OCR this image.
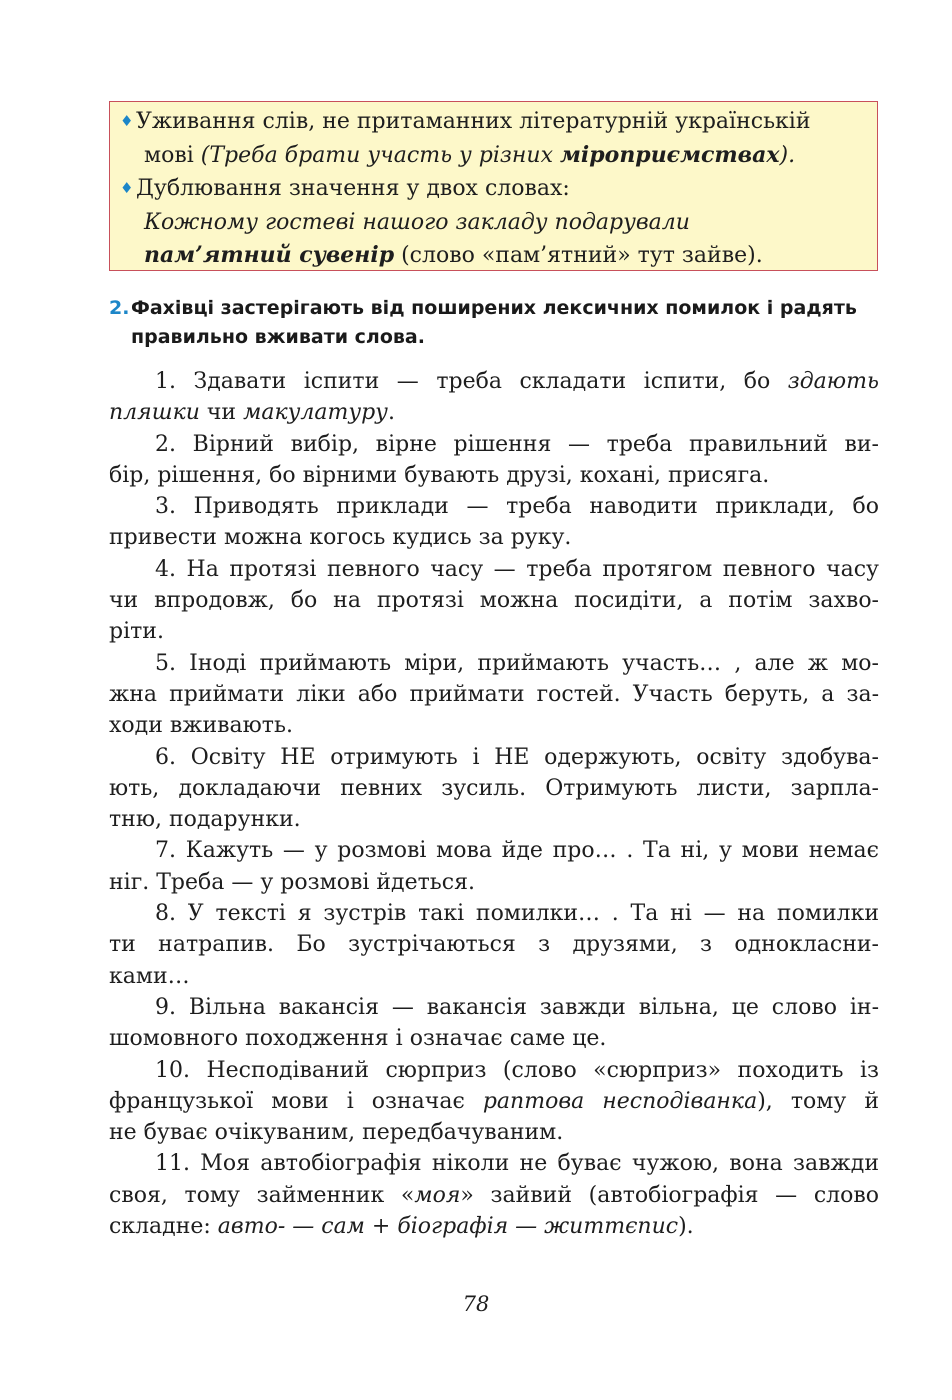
♦ Уживання слів, не притаманних літературній українській
мові (Треба брати участь у різних міроприємствах).
♦ Дублювання значення у двох словах:
Кожному гостеві нашого закладу подарували
пам’ятний сувенір (слово «пам’ятний» тут зайве).
2.Фахівці застерігають від поширених лексичних помилок і радять
правильно вживати слова.
1. Здавати іспити — треба складати іспити, бо здають
пляшки чи макулатуру.
2. Вірний вибір, вірне рішення — треба правильний ви-
бір, рішення, бо вірними бувають друзі, кохані, присяга.
3. Приводять приклади — треба наводити приклади, бо
привести можна когось кудись за руку.
4. На протязі певного часу — треба протягом певного часу
чи впродовж, бо на протязі можна посидіти, а потім захво-
ріти.
5. Іноді приймають міри, приймають участь… , але ж мо-
жна приймати ліки або приймати гостей. Участь беруть, а за-
ходи вживають.
6. Освіту НЕ отримують і НЕ одержують, освіту здобува-
ють, докладаючи певних зусиль. Отримують листи, зарпла-
тню, подарунки.
7. Кажуть — у розмові мова йде про… . Та ні, у мови немає
ніг. Треба — у розмові йдеться.
8. У тексті я зустрів такі помилки… . Та ні — на помилки
ти натрапив. Бо зустрічаються з друзями, з однокласни-
ками…
9. Вільна вакансія — вакансія завжди вільна, це слово ін-
шомовного походження і означає саме це.
10. Несподіваний сюрприз (слово «сюрприз» походить із
французької мови і означає раптова несподіванка), тому й
не буває очікуваним, передбачуваним.
11. Моя автобіографія ніколи не буває чужою, вона завжди
своя, тому займенник «моя» зайвий (автобіографія — слово
складне: авто- — сам + біографія — життєпис).
78
